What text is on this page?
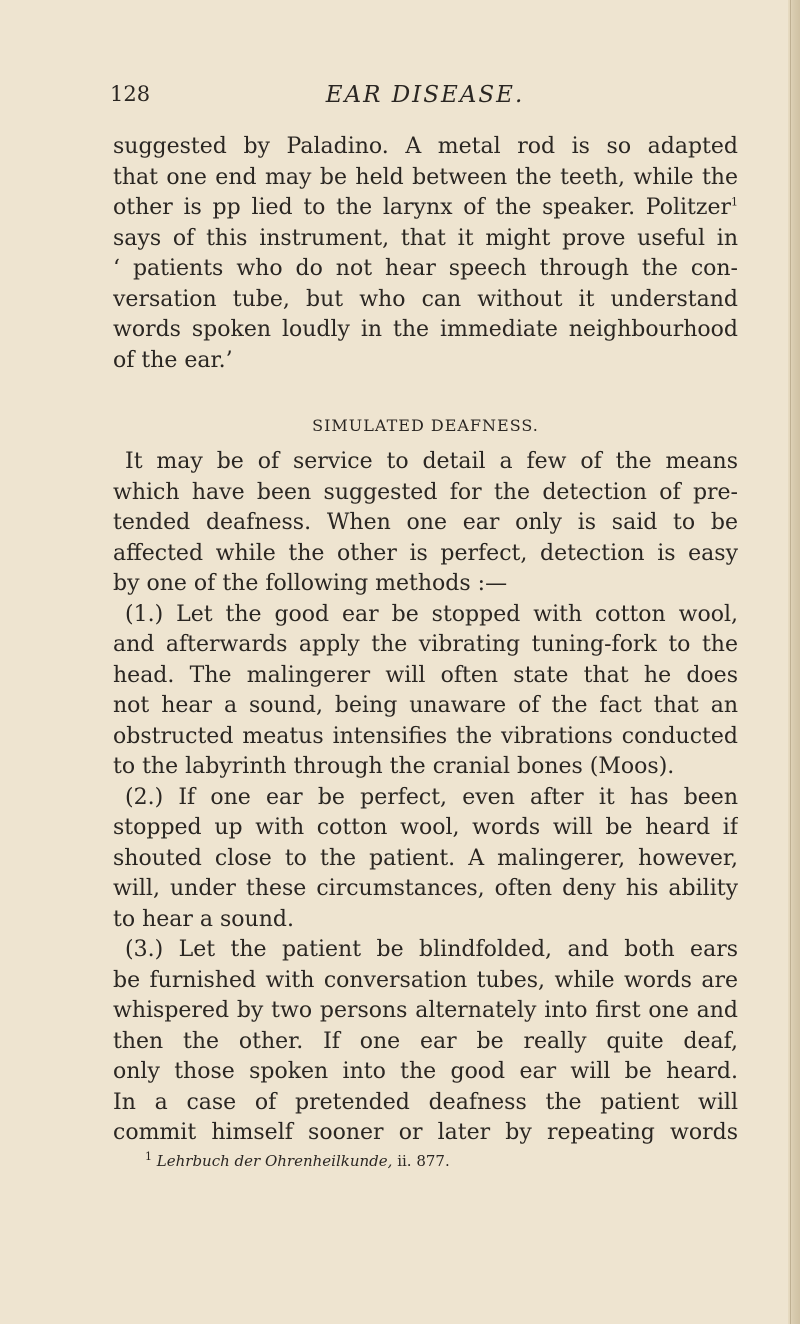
128	EAR DISEASE.
suggested by Paladino. A metal rod is so adapted
that one end may be held between the teeth, while the
other is pp lied to the larynx of the speaker. Politzer$^1$
says of this instrument, that it might prove useful in
‘ patients who do not hear speech through the con-
versation tube, but who can without it understand
words spoken loudly in the immediate neighbourhood
of the ear.’
SIMULATED DEAFNESS.
It may be of service to detail a few of the means
which have been suggested for the detection of pre-
tended deafness. When one ear only is said to be
affected while the other is perfect, detection is easy
by one of the following methods :—
(1.) Let the good ear be stopped with cotton wool,
and afterwards apply the vibrating tuning-fork to the
head. The malingerer will often state that he does
not hear a sound, being unaware of the fact that an
obstructed meatus intensifies the vibrations conducted
to the labyrinth through the cranial bones (Moos).
(2.) If one ear be perfect, even after it has been
stopped up with cotton wool, words will be heard if
shouted close to the patient. A malingerer, however,
will, under these circumstances, often deny his ability
to hear a sound.
(3.) Let the patient be blindfolded, and both ears
be furnished with conversation tubes, while words are
whispered by two persons alternately into first one and
then the other. If one ear be really quite deaf,
only those spoken into the good ear will be heard.
In a case of pretended deafness the patient will
commit himself sooner or later by repeating words
$^1$ Lehrbuch der Ohrenheilkunde, ii. 877.
